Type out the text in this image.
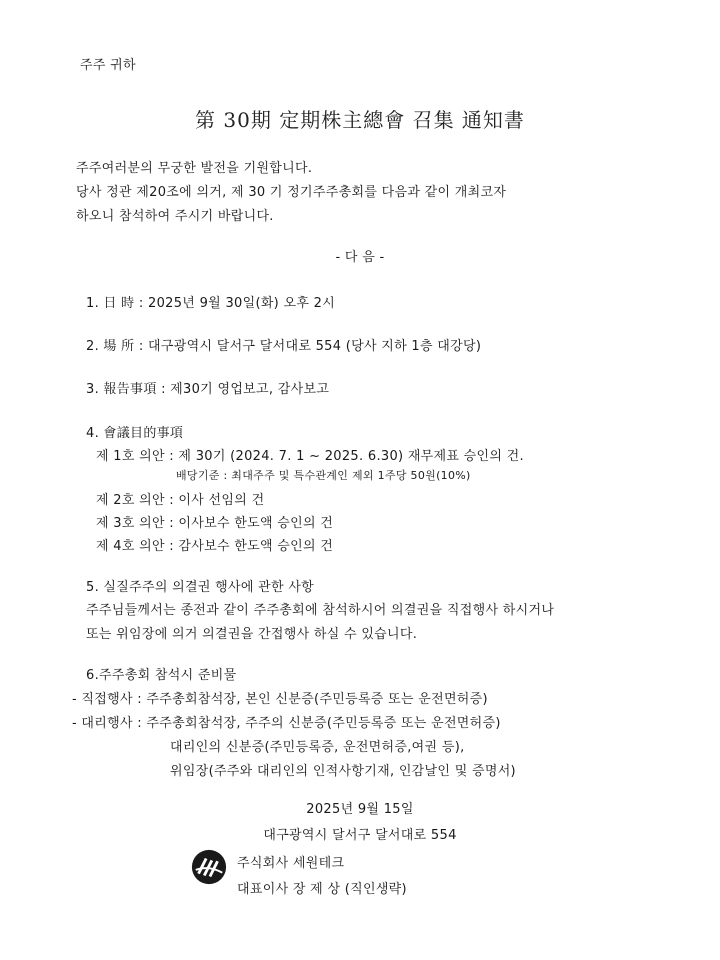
주주 귀하
第 30期 定期株主總會 召集 通知書
주주여러분의 무궁한 발전을 기원합니다.
당사 정관 제20조에 의거, 제 30 기 정기주주총회를 다음과 같이 개최코자
하오니 참석하여 주시기 바랍니다.
- 다 음 -
1. 日 時 : 2025년 9월 30일(화) 오후 2시
2. 場 所 : 대구광역시 달서구 달서대로 554 (당사 지하 1층 대강당)
3. 報告事項 : 제30기 영업보고, 감사보고
4. 會議目的事項
제 1호 의안 : 제 30기 (2024. 7. 1 ~ 2025. 6.30) 재무제표 승인의 건.
배당기준 : 최대주주 및 특수관계인 제외 1주당 50원(10%)
제 2호 의안 : 이사 선임의 건
제 3호 의안 : 이사보수 한도액 승인의 건
제 4호 의안 : 감사보수 한도액 승인의 건
5. 실질주주의 의결권 행사에 관한 사항
주주님들께서는 종전과 같이 주주총회에 참석하시어 의결권을 직접행사 하시거나
또는 위임장에 의거 의결권을 간접행사 하실 수 있습니다.
6.주주총회 참석시 준비물
- 직접행사 : 주주총회참석장, 본인 신분증(주민등록증 또는 운전면허증)
- 대리행사 : 주주총회참석장, 주주의 신분증(주민등록증 또는 운전면허증)
대리인의 신분증(주민등록증, 운전면허증,여권 등),
위임장(주주와 대리인의 인적사항기재, 인감날인 및 증명서)
2025년 9월 15일
대구광역시 달서구 달서대로 554
주식회사 세원테크
대표이사 장 제 상 (직인생략)
